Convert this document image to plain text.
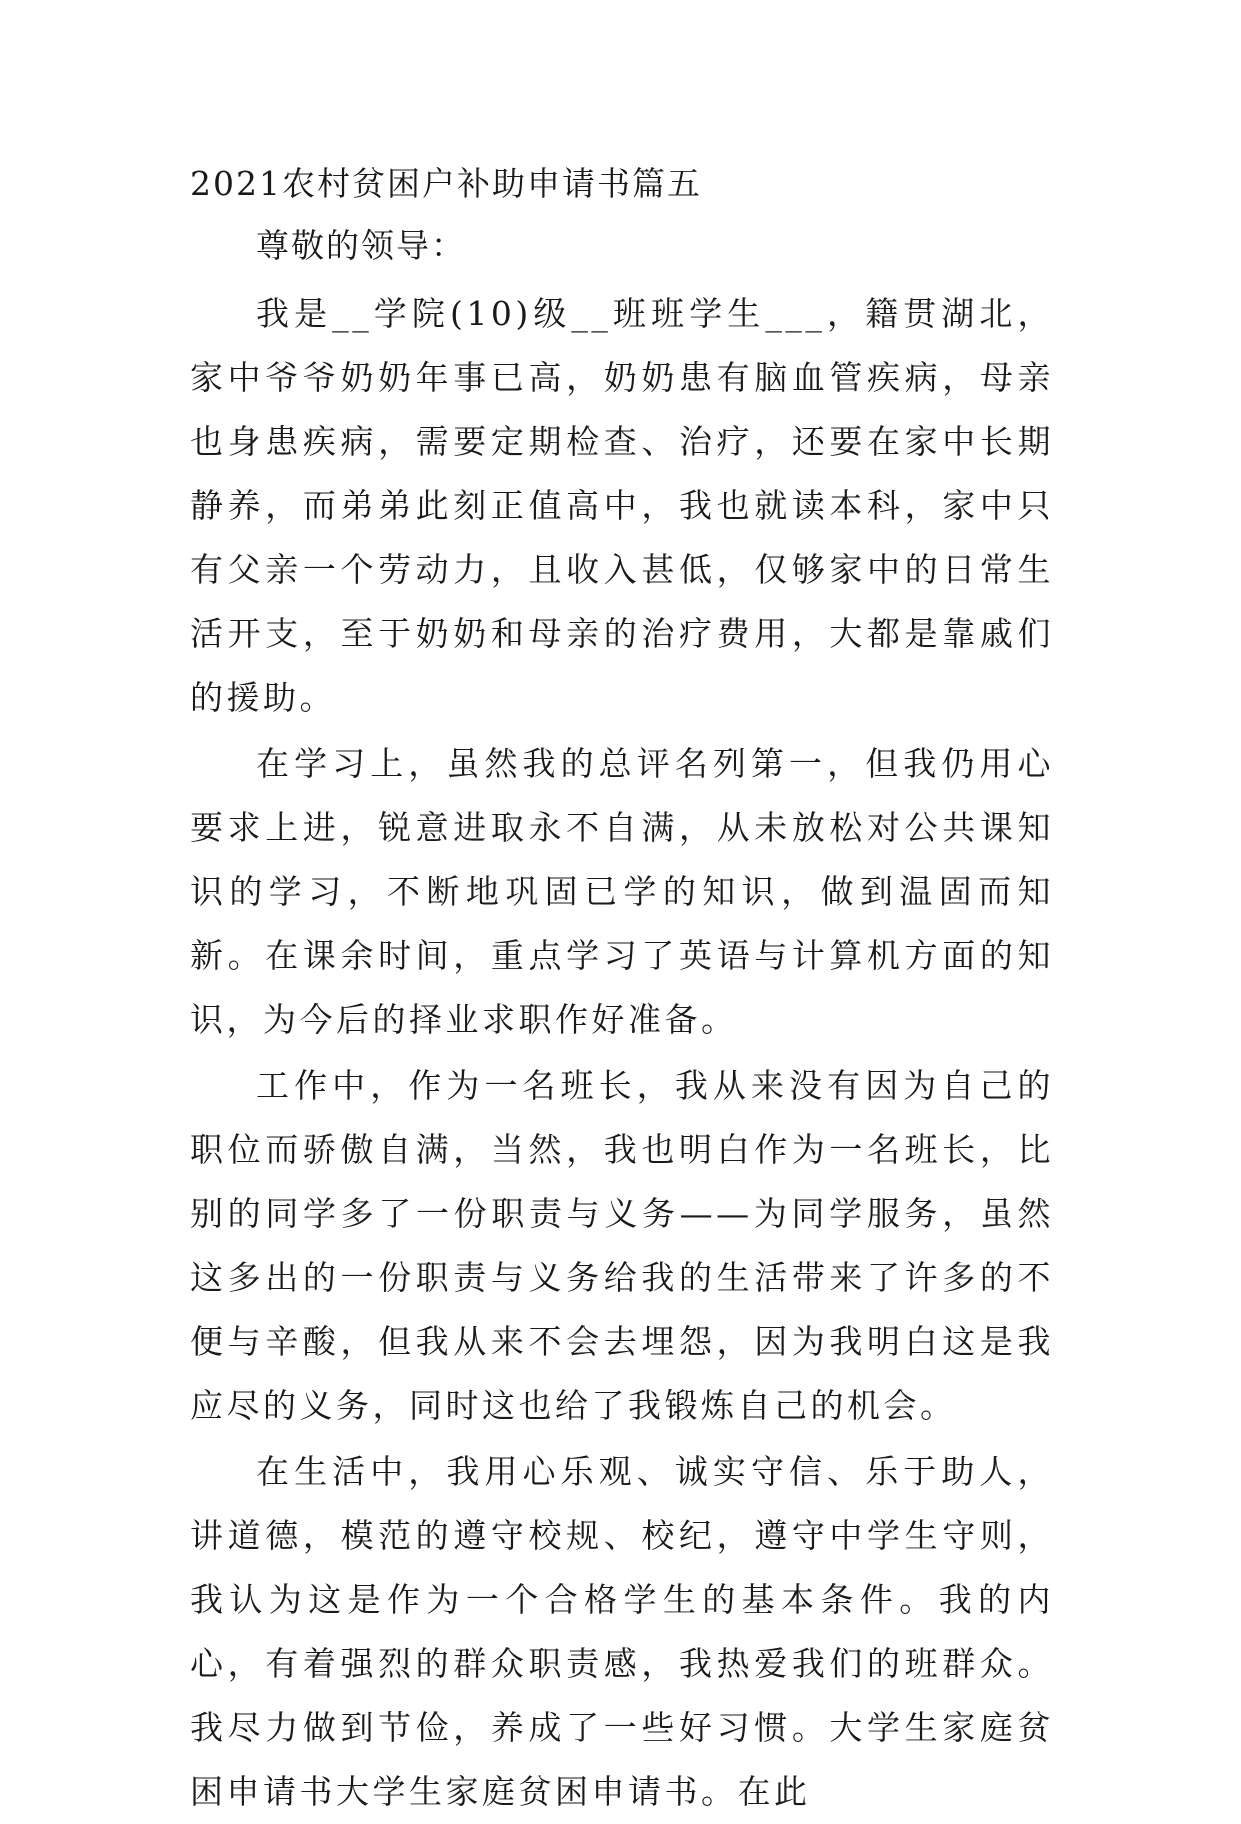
2021农村贫困户补助申请书篇五

尊敬的领导：

我是__学院(10)级__班班学生___，籍贯湖北，家中爷爷奶奶年事已高，奶奶患有脑血管疾病，母亲也身患疾病，需要定期检查、治疗，还要在家中长期静养，而弟弟此刻正值高中，我也就读本科，家中只有父亲一个劳动力，且收入甚低，仅够家中的日常生活开支，至于奶奶和母亲的治疗费用，大都是靠戚们的援助。

在学习上，虽然我的总评名列第一，但我仍用心要求上进，锐意进取永不自满，从未放松对公共课知识的学习，不断地巩固已学的知识，做到温固而知新。在课余时间，重点学习了英语与计算机方面的知识，为今后的择业求职作好准备。

工作中，作为一名班长，我从来没有因为自己的职位而骄傲自满，当然，我也明白作为一名班长，比别的同学多了一份职责与义务——为同学服务，虽然这多出的一份职责与义务给我的生活带来了许多的不便与辛酸，但我从来不会去埋怨，因为我明白这是我应尽的义务，同时这也给了我锻炼自己的机会。

在生活中，我用心乐观、诚实守信、乐于助人，讲道德，模范的遵守校规、校纪，遵守中学生守则，我认为这是作为一个合格学生的基本条件。我的内心，有着强烈的群众职责感，我热爱我们的班群众。我尽力做到节俭，养成了一些好习惯。大学生家庭贫困申请书大学生家庭贫困申请书。在此
